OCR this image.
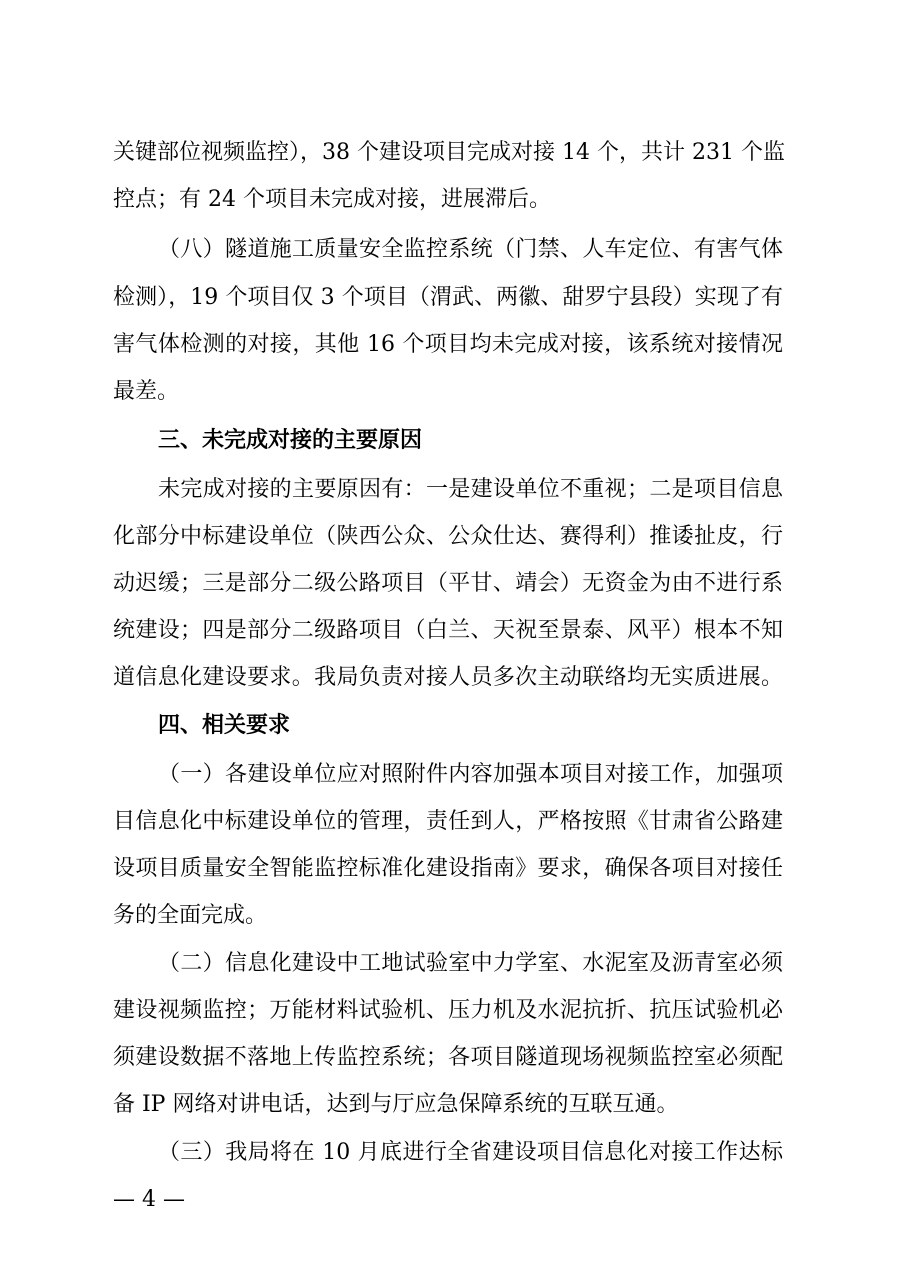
关键部位视频监控），38 个建设项目完成对接 14 个，共计 231 个监
控点；有 24 个项目未完成对接，进展滞后。
（八）隧道施工质量安全监控系统（门禁、人车定位、有害气体
检测），19 个项目仅 3 个项目（渭武、两徽、甜罗宁县段）实现了有
害气体检测的对接，其他 16 个项目均未完成对接，该系统对接情况
最差。
三、未完成对接的主要原因
未完成对接的主要原因有：一是建设单位不重视；二是项目信息
化部分中标建设单位（陕西公众、公众仕达、赛得利）推诿扯皮，行
动迟缓；三是部分二级公路项目（平甘、靖会）无资金为由不进行系
统建设；四是部分二级路项目（白兰、天祝至景泰、风平）根本不知
道信息化建设要求。我局负责对接人员多次主动联络均无实质进展。
四、相关要求
（一）各建设单位应对照附件内容加强本项目对接工作，加强项
目信息化中标建设单位的管理，责任到人，严格按照《甘肃省公路建
设项目质量安全智能监控标准化建设指南》要求，确保各项目对接任
务的全面完成。
（二）信息化建设中工地试验室中力学室、水泥室及沥青室必须
建设视频监控；万能材料试验机、压力机及水泥抗折、抗压试验机必
须建设数据不落地上传监控系统；各项目隧道现场视频监控室必须配
备 IP 网络对讲电话，达到与厅应急保障系统的互联互通。
（三）我局将在 10 月底进行全省建设项目信息化对接工作达标
— 4 —
